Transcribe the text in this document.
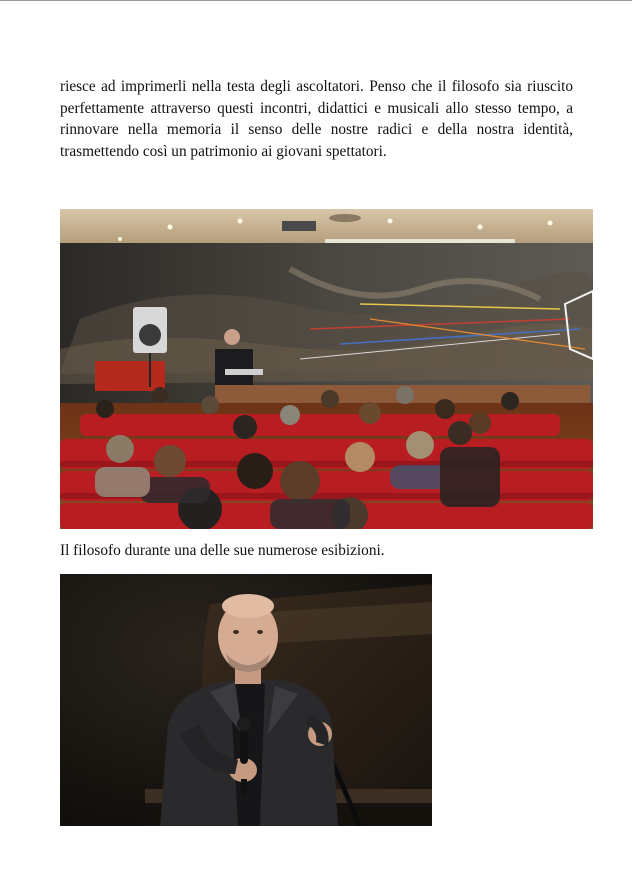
riesce ad imprimerli nella testa degli ascoltatori. Penso che il filosofo sia riuscito perfettamente attraverso questi incontri, didattici e musicali allo stesso tempo, a rinnovare nella memoria il senso delle nostre radici e della nostra identità, trasmettendo così un patrimonio ai giovani spettatori.

Il filosofo durante una delle sue numerose esibizioni.
